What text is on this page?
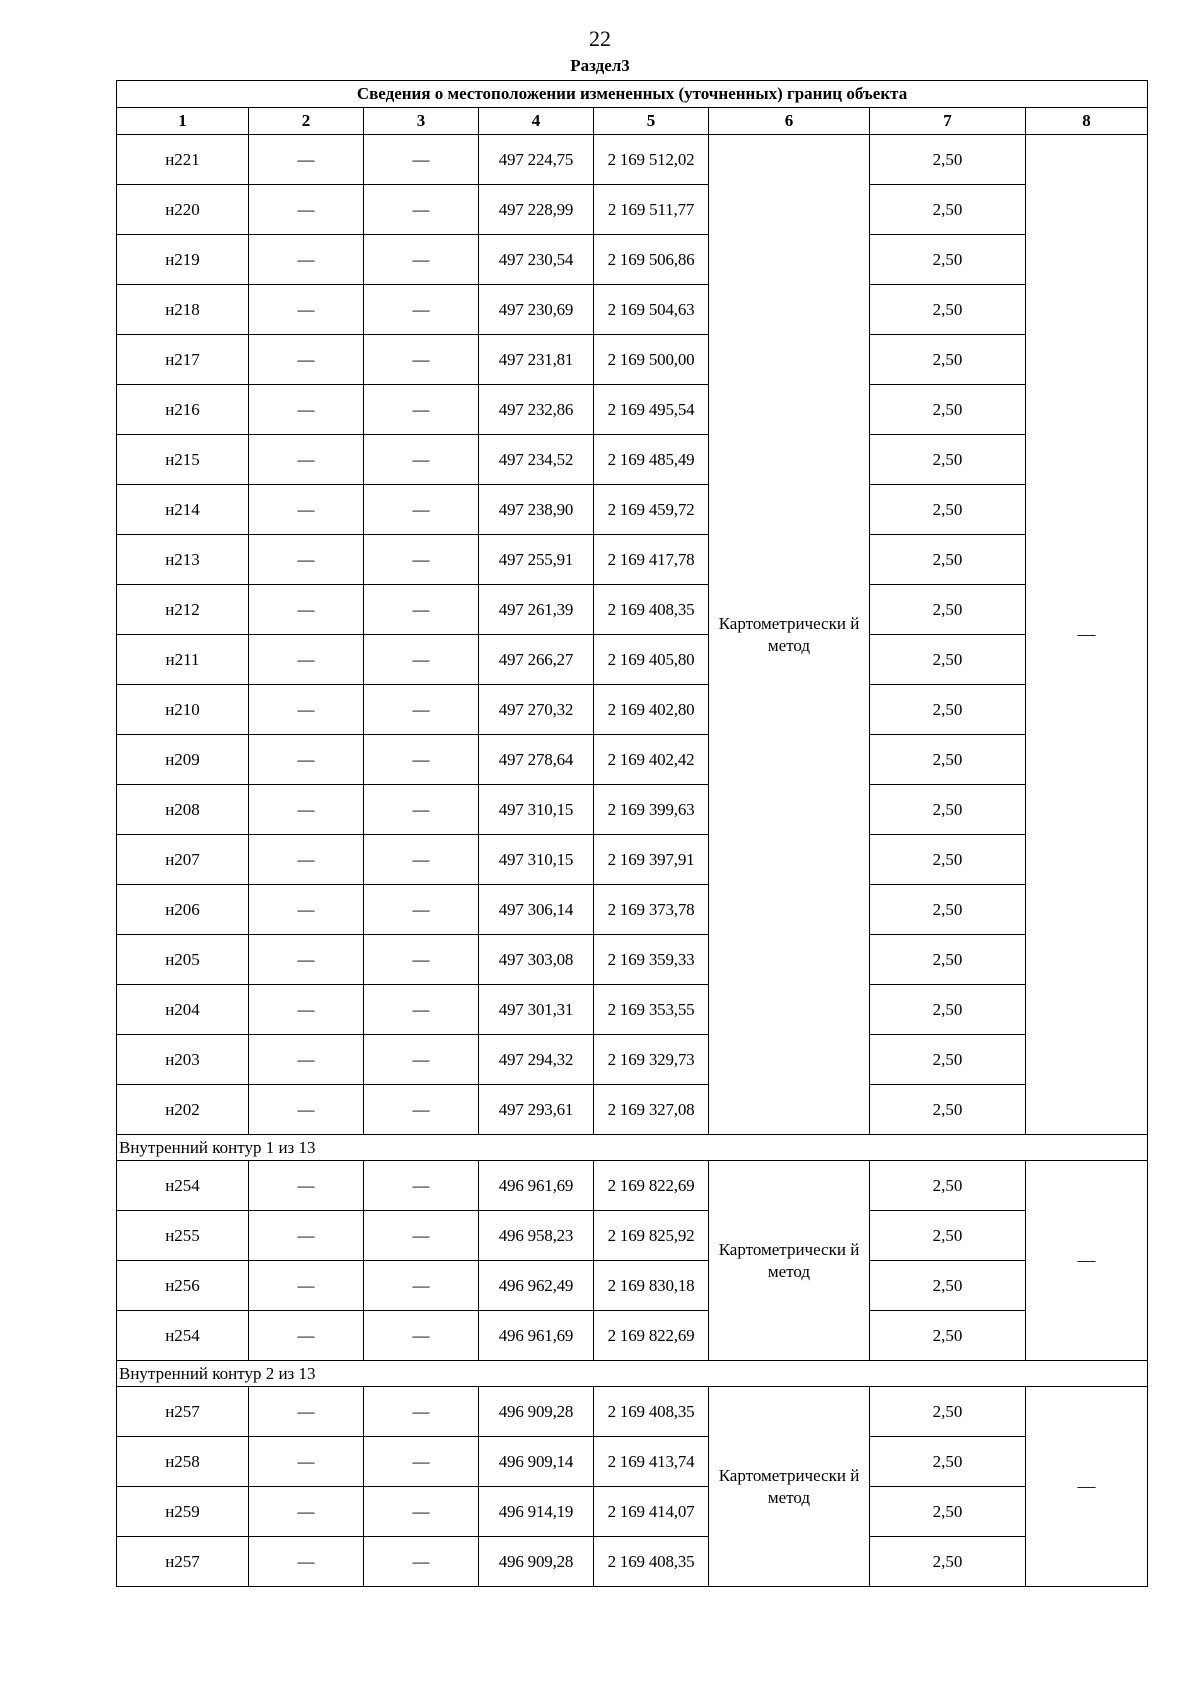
22
Раздел3
Сведения о местоположении измененных (уточненных) границ объекта							
1	2	3	4	5	6	7	8
н221	—	—	497 224,75	2 169 512,02	Картометрически й метод	2,50	—
н220	—	—	497 228,99	2 169 511,77		2,50	
н219	—	—	497 230,54	2 169 506,86		2,50	
н218	—	—	497 230,69	2 169 504,63		2,50	
н217	—	—	497 231,81	2 169 500,00		2,50	
н216	—	—	497 232,86	2 169 495,54		2,50	
н215	—	—	497 234,52	2 169 485,49		2,50	
н214	—	—	497 238,90	2 169 459,72		2,50	
н213	—	—	497 255,91	2 169 417,78		2,50	
н212	—	—	497 261,39	2 169 408,35		2,50	
н211	—	—	497 266,27	2 169 405,80		2,50	
н210	—	—	497 270,32	2 169 402,80		2,50	
н209	—	—	497 278,64	2 169 402,42		2,50	
н208	—	—	497 310,15	2 169 399,63		2,50	
н207	—	—	497 310,15	2 169 397,91		2,50	
н206	—	—	497 306,14	2 169 373,78		2,50	
н205	—	—	497 303,08	2 169 359,33		2,50	
н204	—	—	497 301,31	2 169 353,55		2,50	
н203	—	—	497 294,32	2 169 329,73		2,50	
н202	—	—	497 293,61	2 169 327,08		2,50	
Внутренний контур 1 из 13							
н254	—	—	496 961,69	2 169 822,69	Картометрически й метод	2,50	—
н255	—	—	496 958,23	2 169 825,92		2,50	
н256	—	—	496 962,49	2 169 830,18		2,50	
н254	—	—	496 961,69	2 169 822,69		2,50	
Внутренний контур 2 из 13							
н257	—	—	496 909,28	2 169 408,35	Картометрически й метод	2,50	—
н258	—	—	496 909,14	2 169 413,74		2,50	
н259	—	—	496 914,19	2 169 414,07		2,50	
н257	—	—	496 909,28	2 169 408,35		2,50	
